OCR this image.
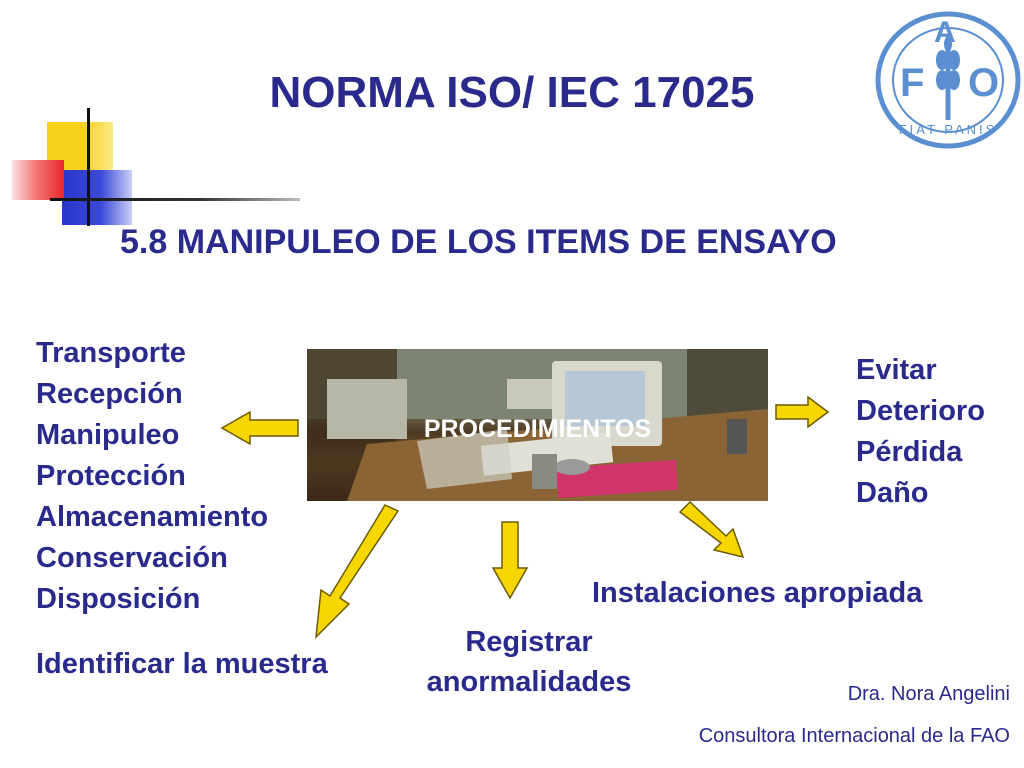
NORMA ISO/ IEC 17025
5.8 MANIPULEO DE LOS ITEMS DE ENSAYO
F
A
O
FIAT PANIS
Transporte
Recepción
Manipuleo
Protección
Almacenamiento
Conservación
Disposición
Evitar
Deterioro
Pérdida
Daño
PROCEDIMIENTOS
Identificar la muestra
Registrar
anormalidades
Instalaciones apropiada
Dra. Nora Angelini
Consultora Internacional de la FAO
